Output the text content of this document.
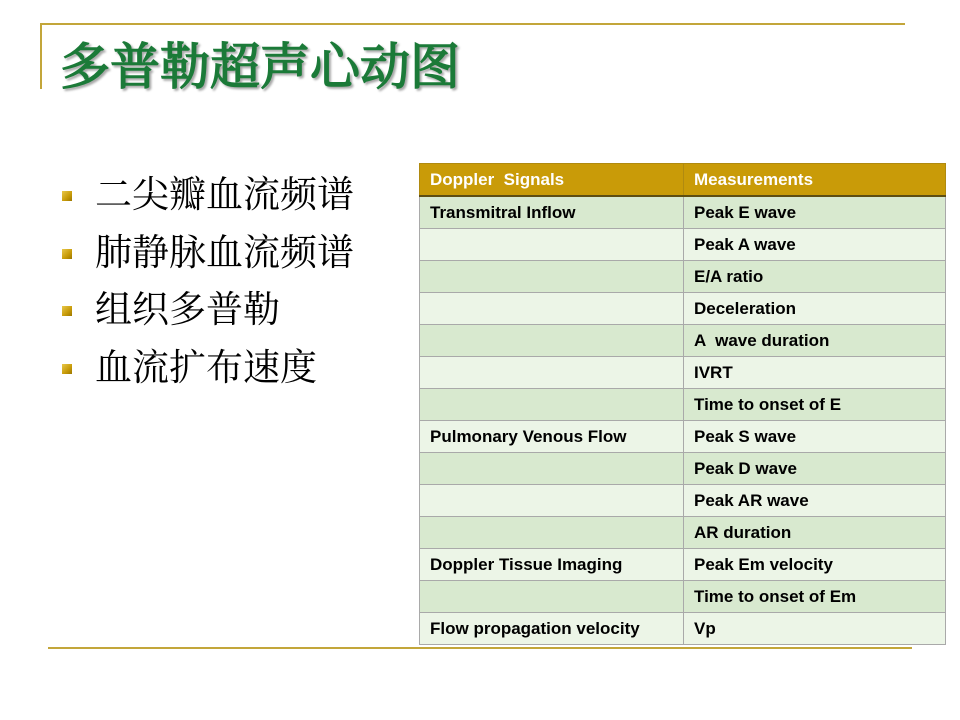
多普勒超声心动图
二尖瓣血流频谱
肺静脉血流频谱
组织多普勒
血流扩布速度
Doppler  Signals	Measurements
Transmitral Inflow	Peak E wave
	Peak A wave
	E/A ratio
	Deceleration
	A  wave duration
	IVRT
	Time to onset of E
Pulmonary Venous Flow	Peak S wave
	Peak D wave
	Peak AR wave
	AR duration
Doppler Tissue Imaging	Peak Em velocity
	Time to onset of Em
Flow propagation velocity	Vp
